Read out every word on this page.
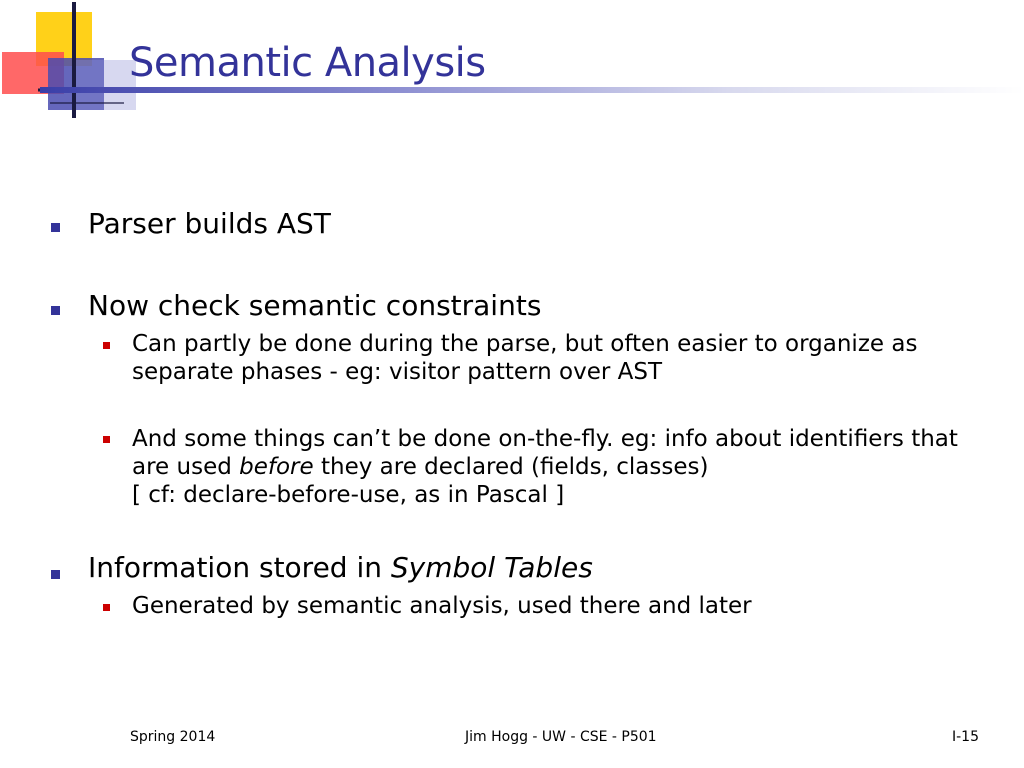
Semantic Analysis
Parser builds AST
Now check semantic constraints
Can partly be done during the parse, but often easier to organize as separate phases - eg: visitor pattern over AST
And some things can’t be done on-the-fly. eg: info about identifiers that are used before they are declared (fields, classes)
[ cf: declare-before-use, as in Pascal ]
Information stored in Symbol Tables
Generated by semantic analysis, used there and later
Spring 2014	Jim Hogg - UW - CSE - P501	I-15
